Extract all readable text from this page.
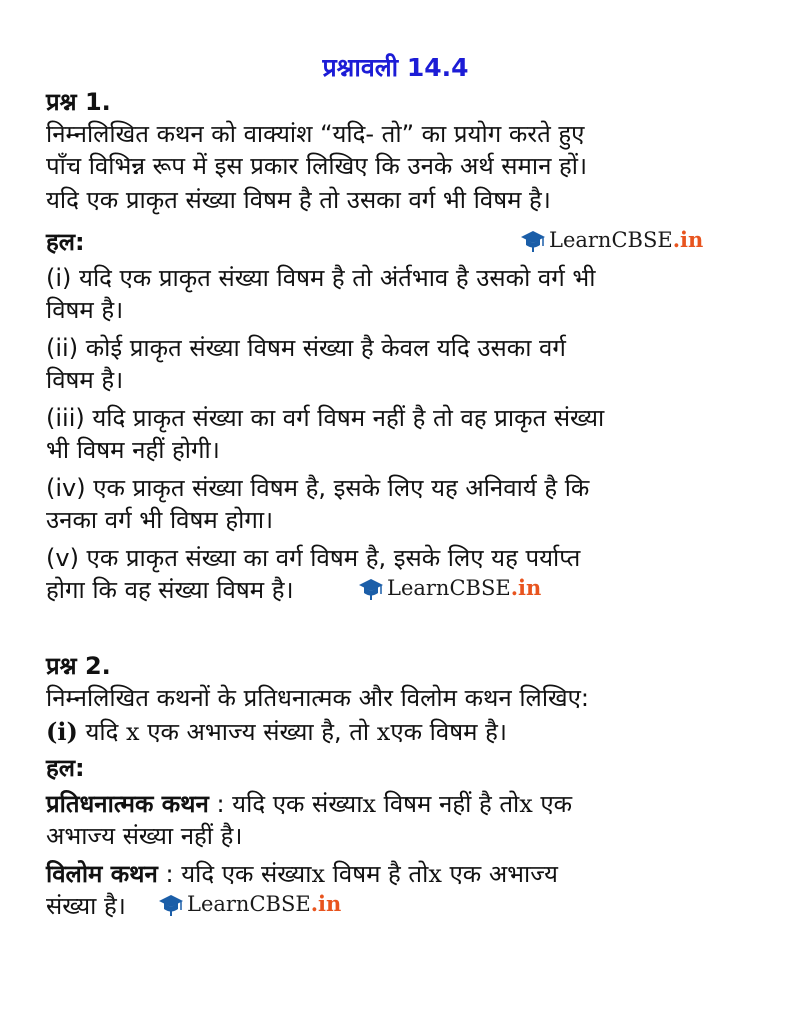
प्रश्नावली 14.4
प्रश्न 1.
निम्नलिखित कथन को वाक्यांश “यदि- तो” का प्रयोग करते हुए
पाँच विभिन्न रूप में इस प्रकार लिखिए कि उनके अर्थ समान हों।
यदि एक प्राकृत संख्या विषम है तो उसका वर्ग भी विषम है।
हल:	LearnCBSE .in
(i) यदि एक प्राकृत संख्या विषम है तो अंर्तभाव है उसको वर्ग भी
विषम है।
(ii) कोई प्राकृत संख्या विषम संख्या है केवल यदि उसका वर्ग
विषम है।
(iii) यदि प्राकृत संख्या का वर्ग विषम नहीं है तो वह प्राकृत संख्या
भी विषम नहीं होगी।
(iv) एक प्राकृत संख्या विषम है, इसके लिए यह अनिवार्य है कि
उनका वर्ग भी विषम होगा।
(v) एक प्राकृत संख्या का वर्ग विषम है, इसके लिए यह पर्याप्त
होगा कि वह संख्या विषम है।	LearnCBSE .in
प्रश्न 2.
निम्नलिखित कथनों के प्रतिधनात्मक और विलोम कथन लिखिए:
(i) यदि x एक अभाज्य संख्या है, तो xएक विषम है।
हल:
प्रतिधनात्मक कथन : यदि एक संख्याx विषम नहीं है तोx एक
अभाज्य संख्या नहीं है।
विलोम कथन : यदि एक संख्याx विषम है तोx एक अभाज्य
संख्या है।	LearnCBSE .in
